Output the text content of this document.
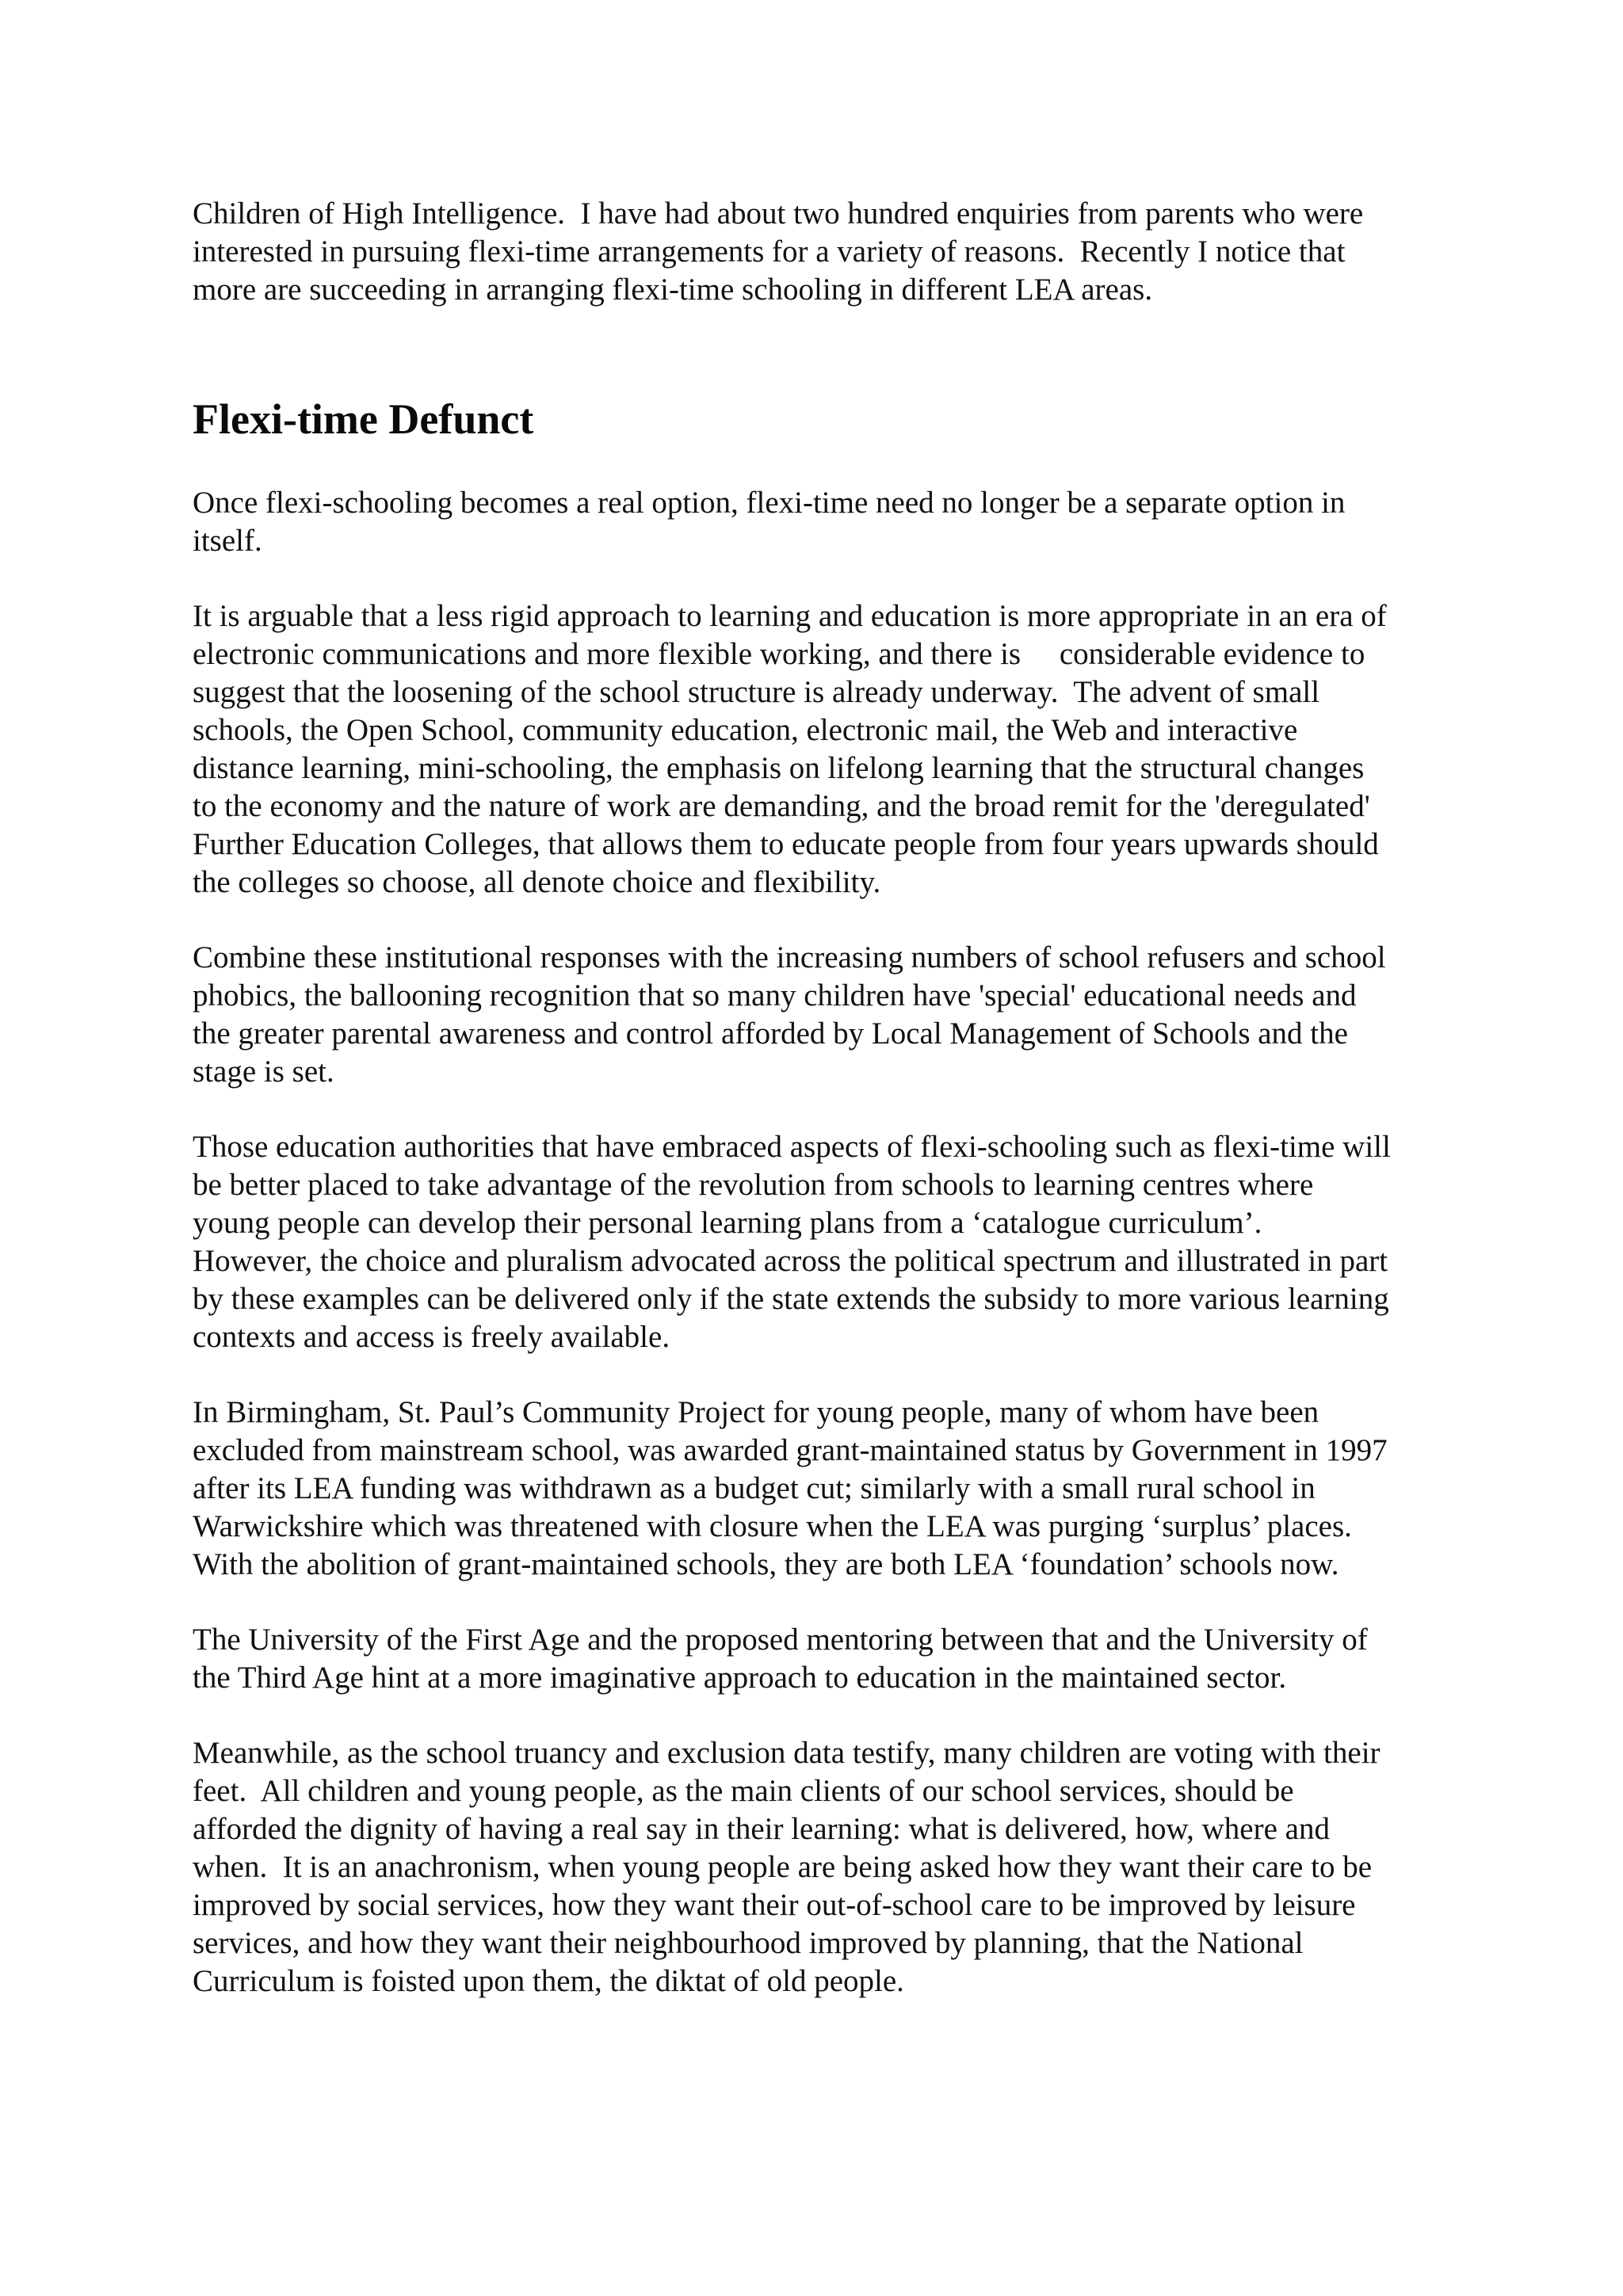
Children of High Intelligence.  I have had about two hundred enquiries from parents who were
interested in pursuing flexi-time arrangements for a variety of reasons.  Recently I notice that
more are succeeding in arranging flexi-time schooling in different LEA areas.
Flexi-time Defunct
Once flexi-schooling becomes a real option, flexi-time need no longer be a separate option in
itself.
It is arguable that a less rigid approach to learning and education is more appropriate in an era of
electronic communications and more flexible working, and there is     considerable evidence to
suggest that the loosening of the school structure is already underway.  The advent of small
schools, the Open School, community education, electronic mail, the Web and interactive
distance learning, mini-schooling, the emphasis on lifelong learning that the structural changes
to the economy and the nature of work are demanding, and the broad remit for the 'deregulated'
Further Education Colleges, that allows them to educate people from four years upwards should
the colleges so choose, all denote choice and flexibility.
Combine these institutional responses with the increasing numbers of school refusers and school
phobics, the ballooning recognition that so many children have 'special' educational needs and
the greater parental awareness and control afforded by Local Management of Schools and the
stage is set.
Those education authorities that have embraced aspects of flexi-schooling such as flexi-time will
be better placed to take advantage of the revolution from schools to learning centres where
young people can develop their personal learning plans from a ‘catalogue curriculum’.
However, the choice and pluralism advocated across the political spectrum and illustrated in part
by these examples can be delivered only if the state extends the subsidy to more various learning
contexts and access is freely available.
In Birmingham, St. Paul’s Community Project for young people, many of whom have been
excluded from mainstream school, was awarded grant-maintained status by Government in 1997
after its LEA funding was withdrawn as a budget cut; similarly with a small rural school in
Warwickshire which was threatened with closure when the LEA was purging ‘surplus’ places.
With the abolition of grant-maintained schools, they are both LEA ‘foundation’ schools now.
The University of the First Age and the proposed mentoring between that and the University of
the Third Age hint at a more imaginative approach to education in the maintained sector.
Meanwhile, as the school truancy and exclusion data testify, many children are voting with their
feet.  All children and young people, as the main clients of our school services, should be
afforded the dignity of having a real say in their learning: what is delivered, how, where and
when.  It is an anachronism, when young people are being asked how they want their care to be
improved by social services, how they want their out-of-school care to be improved by leisure
services, and how they want their neighbourhood improved by planning, that the National
Curriculum is foisted upon them, the diktat of old people.
